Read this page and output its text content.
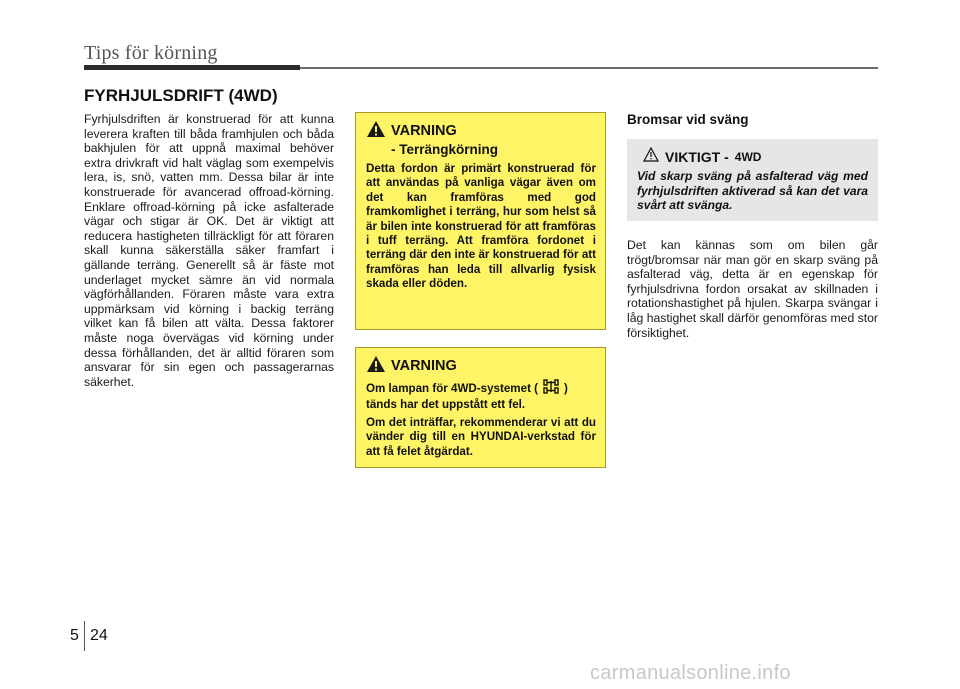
Tips för körning
FYRHJULSDRIFT (4WD)
Fyrhjulsdriften är konstruerad för att kunna leverera kraften till båda framhjulen och båda bakhjulen för att uppnå maximal behöver extra drivkraft vid halt väglag som exempelvis lera, is, snö, vatten mm. Dessa bilar är inte konstruerade för avancerad offroad-körning. Enklare offroad-körning på icke asfalterade vägar och stigar är OK. Det är viktigt att reducera hastigheten tillräckligt för att föraren skall kunna säkerställa säker framfart i gällande terräng. Generellt så är fäste mot underlaget mycket sämre än vid normala vägförhållanden. Föraren måste vara extra uppmärksam vid körning i backig terräng vilket kan få bilen att välta. Dessa faktorer måste noga övervägas vid körning under dessa förhållanden, det är alltid föraren som ansvarar för sin egen och passagerarnas säkerhet.
VARNING
- Terrängkörning
Detta fordon är primärt konstruerad för att användas på vanliga vägar även om det kan framföras med god framkomlighet i terräng, hur som helst så är bilen inte konstruerad för att framföras i tuff terräng. Att framföra fordonet i terräng där den inte är konstruerad för att framföras han leda till allvarlig fysisk skada eller döden.
VARNING

Om lampan för 4WD-systemet ( )
tänds har det uppstått ett fel.

Om det inträffar, rekommenderar vi att du vänder dig till en HYUNDAI-verkstad för att få felet åtgärdat.

Bromsar vid sväng
VIKTIGT - 4WD
Vid skarp sväng på asfalterad väg med fyrhjulsdriften aktiverad så kan det vara svårt att svänga.
Det kan kännas som om bilen går trögt/bromsar när man gör en skarp sväng på asfalterad väg, detta är en egenskap för fyrhjulsdrivna fordon orsakat av skillnaden i rotationshastighet på hjulen. Skarpa svängar i låg hastighet skall därför genomföras med stor försiktighet.
5 24
carmanualsonline.info
